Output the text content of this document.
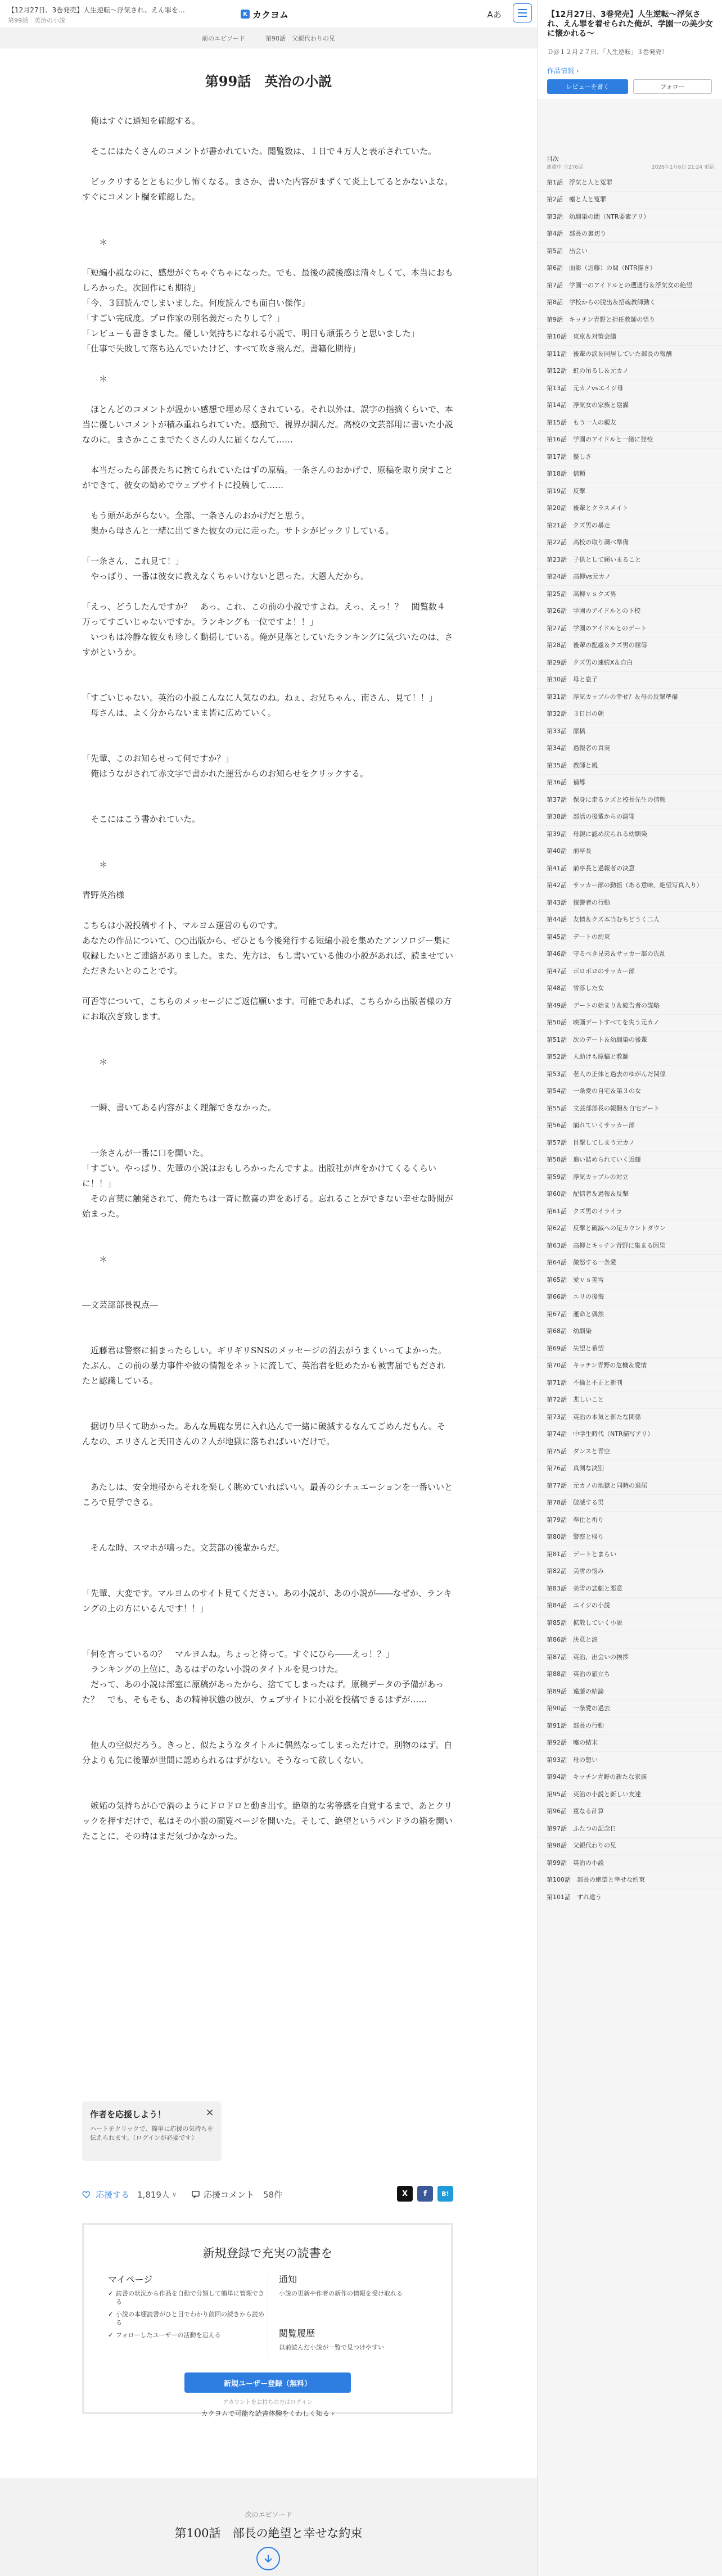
【12月27日、3巻発売】人生逆転〜浮気され、えん罪を…
第99話　英治の小説
K カクヨム	Aあ
前のエピソード	第98話　父親代わりの兄
第99話　英治の小説

　俺はすぐに通知を確認する。

　そこにはたくさんのコメントが書かれていた。閲覧数は、１日で４万人と表示されていた。

　ビックリするとともに少し怖くなる。まさか、書いた内容がまずくて炎上してるとかないよな。すぐにコメント欄を確認した。

　　＊

「短編小説なのに、感想がぐちゃぐちゃになった。でも、最後の読後感は清々しくて、本当におもしろかった。次回作にも期待」

「今、３回読んでしまいました。何度読んでも面白い傑作」

「すごい完成度。プロ作家の別名義だったりして？」

「レビューも書きました。優しい気持ちになれる小説で、明日も頑張ろうと思いました」

「仕事で失敗して落ち込んでいたけど、すべて吹き飛んだ。書籍化期待」

　　＊

　ほとんどのコメントが温かい感想で埋め尽くされている。それ以外は、誤字の指摘くらいで、本当に優しいコメントが積み重ねられていた。感動で、視界が潤んだ。高校の文芸部用に書いた小説なのに。まさかここまでたくさんの人に届くなんて……

　本当だったら部長たちに捨てられていたはずの原稿。一条さんのおかげで、原稿を取り戻すことができて、彼女の勧めでウェブサイトに投稿して……

　もう頭があがらない。全部、一条さんのおかげだと思う。

　奥から母さんと一緒に出てきた彼女の元に走った。サトシがビックリしている。

「一条さん、これ見て！」

　やっぱり、一番は彼女に教えなくちゃいけないと思った。大恩人だから。

「えっ、どうしたんですか？　あっ、これ、この前の小説ですよね。えっ、えっ！？　閲覧数４万ってすごいじゃないですか。ランキングも一位ですよ！！」

　いつもは冷静な彼女も珍しく動揺している。俺が見落としていたランキングに気づいたのは、さすがというか。

「すごいじゃない。英治の小説こんなに人気なのね。ねぇ、お兄ちゃん、南さん、見て！！」

　母さんは、よく分からないまま皆に広めていく。

「先輩、このお知らせって何ですか？」

　俺はうながされて赤文字で書かれた運営からのお知らせをクリックする。

　そこにはこう書かれていた。

　　＊

青野英治様

こちらは小説投稿サイト、マルヨム運営のものです。

あなたの作品について、○○出版から、ぜひとも今後発行する短編小説を集めたアンソロジー集に収録したいとご連絡がありました。また、先方は、もし書いている他の小説があれば、読ませていただきたいとのことです。

可否等について、こちらのメッセージにご返信願います。可能であれば、こちらから出版者様の方にお取次ぎ致します。

　　＊

　一瞬、書いてある内容がよく理解できなかった。

　一条さんが一番に口を開いた。

「すごい。やっぱり、先輩の小説はおもしろかったんですよ。出版社が声をかけてくるくらいに！！」

　その言葉に触発されて、俺たちは一斉に歓喜の声をあげる。忘れることができない幸せな時間が始まった。

　　＊

―文芸部部長視点―

　近藤君は警察に捕まったらしい。ギリギリSNSのメッセージの消去がうまくいってよかった。たぶん、この前の暴力事件や彼の情報をネットに流して、英治君を貶めたかも被害届でもだされたと認識している。

　据切り早くて助かった。あんな馬鹿な男に入れ込んで一緒に破滅するなんてごめんだもん。そんなの、エリさんと天田さんの２人が地獄に落ちればいいだけで。

　あたしは、安全地帯からそれを楽しく眺めていればいい。最善のシチュエーションを一番いいところで見学できる。

　そんな時、スマホが鳴った。文芸部の後輩からだ。

「先輩、大変です。マルヨムのサイト見てください。あの小説が、あの小説が――なぜか、ランキングの上の方にいるんです！！」

「何を言っているの？　マルヨムね。ちょっと待って。すぐにひら――えっ！？」

　ランキングの上位に、あるはずのない小説のタイトルを見つけた。

　だって、あの小説は部室に原稿があったから、捨ててしまったはず。原稿データの予備があった？　でも、そもそも、あの精神状態の彼が、ウェブサイトに小説を投稿できるはずが……

　他人の空似だろう。きっと、似たようなタイトルに偶然なってしまっただけで。別物のはず。自分よりも先に後輩が世間に認められるはずがない。そうなって欲しくない。

　嫉妬の気持ちが心で渦のようにドロドロと動き出す。絶望的な劣等感を自覚するまで、あとクリックを押すだけで、私はその小説の閲覧ページを開いた。そして、絶望というパンドラの箱を開いたことに、その時はまだ気づかなかった。

作者を応援しよう！
ハートをクリックで、簡単に応援の気持ちを伝えられます。（ログインが必要です）
×
応援する 1,819人 ∨	応援コメント 58件	X	f	B!
新規登録で充実の読書を
マイページ
✓ 読書の状況から作品を自動で分類して簡単に管理できる
✓ 小説の本棚読書がひと目でわかり前回の続きから読める
✓ フォローしたユーザーの活動を追える
通知
小説の更新や作者の新作の情報を受け取れる
閲覧履歴
以前読んだ小説が一覧で見つけやすい
新規ユーザー登録（無料）
アカウントをお持ちの方はログイン
カクヨムで可能な読書体験をくわしく知る ›
次のエピソード
第100話　部長の絶望と幸せな約束
【12月27日、3巻発売】人生逆転〜浮気され、えん罪を着せられた俺が、学園一の美少女に懐かれる〜
Ｄ＠１２月２７日、「人生逆転」３巻発売！
作品情報 ›
レビューを書く	フォロー
目次
連載中 全276話	2026年1月6日 21:24 更新
第1話　浮気と人と冤罪
第2話　嘘と人と冤罪
第3話　幼馴染の間（NTR要素アリ）
第4話　部長の裏切り
第5話　出会い
第6話　面影（近藤）の間（NTR描き）
第7話　学園一のアイドルとの遭遇行＆浮気女の絶望
第8話　学校からの脱出＆招魂教師動く
第9話　キッチン青野と担任教師の悟り
第10話　東京＆対策会議
第11話　後輩の涙＆同居していた部長の報酬
第12話　虹の吊るし＆元カノ
第13話　元カノvsエイジ母
第14話　浮気女の家族と陰謀
第15話　もう一人の親友
第16話　学園のアイドルと一緒に登校
第17話　優しさ
第18話　信頼
第19話　反撃
第20話　後輩とクラスメイト
第21話　クズ男の暴走
第22話　高校の取り調べ準備
第23話　子供として願いまること
第24話　高柳vs元カノ
第25話　高柳ｖｓクズ男
第26話　学園のアイドルとの下校
第27話　学園のアイドルとのデート
第28話　後輩の配慮＆クズ男の屈辱
第29話　クズ男の連続X＆自白
第30話　母と息子
第31話　浮気カップルの幸せ？＆母の反撃準備
第32話　３日目の朝
第33話　原稿
第34話　過報者の真実
第35話　教師と親
第36話　補導
第37話　保身に走るクズと校長先生の信頼
第38話　部活の後輩からの謝罪
第39話　母親に認め戻られる幼馴染
第40話　前亭長
第41話　前亭長と過報者の決意
第42話　サッカー部の動揺（ある意味、絶望写真入り）
第43話　復讐者の行動
第44話　友情＆クズ本当むちどうく二人
第45話　デートの約束
第46話　守るべき兄弟＆サッカー部の氏乱
第47話　ボロボロのサッカー部
第48話　雪落した女
第49話　デートの始まり＆総告者の謀略
第50話　映画デートすべてを失う元カノ
第51話　次のデート＆幼馴染の後輩
第52話　人助けも原稿と教師
第53話　老人の正体と過去のゆがんだ関係
第54話　一条愛の自宅＆第３の女
第55話　文芸部部長の報酬＆自宅デート
第56話　崩れていくサッカー部
第57話　目撃してしまう元カノ
第58話　追い詰められていく近藤
第59話　浮気カップルの対立
第60話　配信者＆過報＆反撃
第61話　クズ男のイライラ
第62話　反撃と破滅への足カウントダウン
第63話　高柳とキッチン青野に集まる因果
第64話　激怒する一条愛
第65話　愛ｖｓ美雪
第66話　エリの後悔
第67話　運命と偶然
第68話　幼馴染
第69話　失望と希望
第70話　キッチン青野の危機＆愛情
第71話　不倫と不正と新刊
第72話　悲しいこと
第73話　英治の本気と新たな関係
第74話　中学生時代（NTR描写アリ）
第75話　ダンスと青空
第76話　真剣な決別
第77話　元カノの地獄と同時の退屈
第78話　破滅する男
第79話　奉仕と祈り
第80話　警察と帰り
第81話　デートとまらい
第82話　美雪の悩み
第83話　美雪の悲劇と悪意
第84話　エイジの小説
第85話　拡散していく小説
第86話　決意と涙
第87話　英治、出会いの挨拶
第88話　英治の旅立ち
第89話　遠藤の結論
第90話　一条愛の過去
第91話　部長の行動
第92話　嘘の結末
第93話　母の想い
第94話　キッチン青野の新たな家族
第95話　英治の小説と新しい友達
第96話　重なる計算
第97話　ふたつの記念日
第98話　父親代わりの兄
第99話　英治の小説
第100話　部長の絶望と幸せな約束
第101話　すれ違う
